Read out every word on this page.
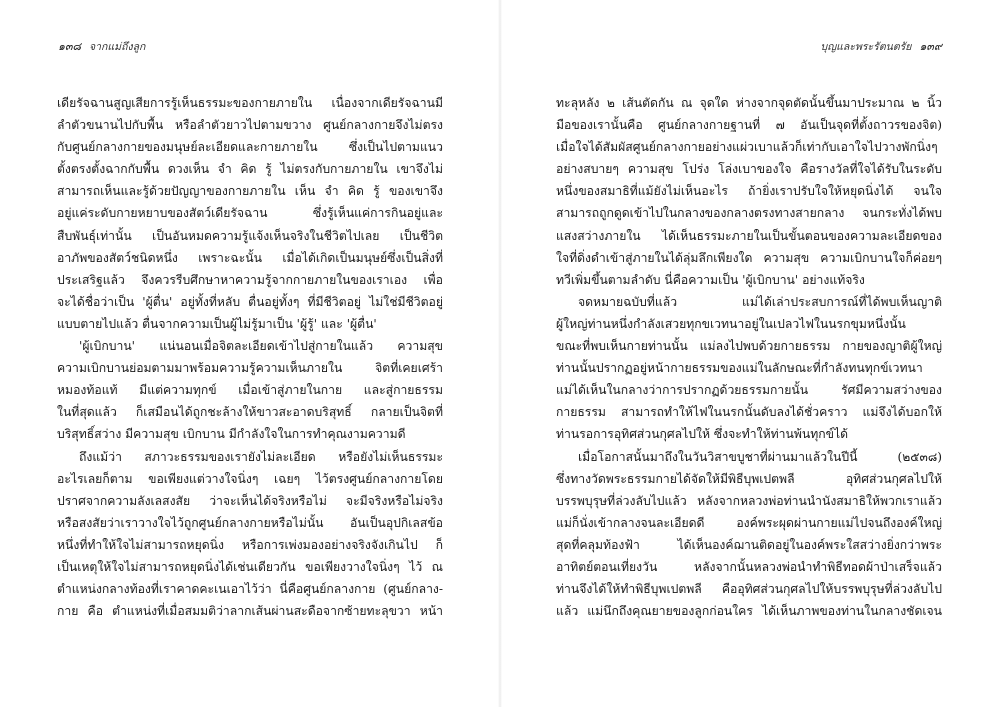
๑๓๘ จากแม่ถึงลูก
เดียรัจฉานสูญเสียการรู้เห็นธรรมะของกายภายใน เนื่องจากเดียรัจฉานมี
ลำตัวขนานไปกับพื้น หรือลำตัวยาวไปตามขวาง ศูนย์กลางกายจึงไม่ตรง
กับศูนย์กลางกายของมนุษย์ละเอียดและกายภายใน ซึ่งเป็นไปตามแนว
ตั้งตรงตั้งฉากกับพื้น ดวงเห็น จำ คิด รู้ ไม่ตรงกับกายภายใน เขาจึงไม่
สามารถเห็นและรู้ด้วยปัญญาของกายภายใน เห็น จำ คิด รู้ ของเขาจึง
อยู่แค่ระดับกายหยาบของสัตว์เดียรัจฉาน ซึ่งรู้เห็นแค่การกินอยู่และ
สืบพันธุ์เท่านั้น เป็นอันหมดความรู้แจ้งเห็นจริงในชีวิตไปเลย เป็นชีวิต
อาภัพของสัตว์ชนิดหนึ่ง เพราะฉะนั้น เมื่อได้เกิดเป็นมนุษย์ซึ่งเป็นสิ่งที่
ประเสริฐแล้ว จึงควรรีบศึกษาหาความรู้จากกายภายในของเราเอง เพื่อ
จะได้ชื่อว่าเป็น 'ผู้ตื่น' อยู่ทั้งที่หลับ ตื่นอยู่ทั้งๆ ที่มีชีวิตอยู่ ไม่ใช่มีชีวิตอยู่
แบบตายไปแล้ว ตื่นจากความเป็นผู้ไม่รู้มาเป็น 'ผู้รู้' และ 'ผู้ตื่น'
'ผู้เบิกบาน' แน่นอนเมื่อจิตละเอียดเข้าไปสู่กายในแล้ว ความสุข
ความเบิกบานย่อมตามมาพร้อมความรู้ความเห็นภายใน จิตที่เคยเศร้า
หมองท้อแท้ มีแต่ความทุกข์ เมื่อเข้าสู่ภายในกาย และสู่กายธรรม
ในที่สุดแล้ว ก็เสมือนได้ถูกชะล้างให้ขาวสะอาดบริสุทธิ์ กลายเป็นจิตที่
บริสุทธิ์สว่าง มีความสุข เบิกบาน มีกำลังใจในการทำคุณงามความดี
ถึงแม้ว่า สภาวะธรรมของเรายังไม่ละเอียด หรือยังไม่เห็นธรรมะ
อะไรเลยก็ตาม ขอเพียงแต่วางใจนิ่งๆ เฉยๆ ไว้ตรงศูนย์กลางกายโดย
ปราศจากความลังเลสงสัย ว่าจะเห็นได้จริงหรือไม่ จะมีจริงหรือไม่จริง
หรือสงสัยว่าเราวางใจไว้ถูกศูนย์กลางกายหรือไม่นั้น อันเป็นอุปกิเลสข้อ
หนึ่งที่ทำให้ใจไม่สามารถหยุดนิ่ง หรือการเพ่งมองอย่างจริงจังเกินไป ก็
เป็นเหตุให้ใจไม่สามารถหยุดนิ่งได้เช่นเดียวกัน ขอเพียงวางใจนิ่งๆ ไว้ ณ
ตำแหน่งกลางท้องที่เราคาดคะเนเอาไว้ว่า นี่คือศูนย์กลางกาย (ศูนย์กลาง-
กาย คือ ตำแหน่งที่เมื่อสมมติว่าลากเส้นผ่านสะดือจากซ้ายทะลุขวา หน้า
บุญและพระรัตนตรัย ๑๓๙
ทะลุหลัง ๒ เส้นตัดกัน ณ จุดใด ห่างจากจุดตัดนั้นขึ้นมาประมาณ ๒ นิ้ว
มือของเรานั้นคือ ศูนย์กลางกายฐานที่ ๗ อันเป็นจุดที่ตั้งถาวรของจิต)
เมื่อใจได้สัมผัสศูนย์กลางกายอย่างแผ่วเบาแล้วก็เท่ากับเอาใจไปวางพักนิ่งๆ
อย่างสบายๆ ความสุข โปร่ง โล่งเบาของใจ คือรางวัลที่ใจได้รับในระดับ
หนึ่งของสมาธิที่แม้ยังไม่เห็นอะไร ถ้ายิ่งเราปรับใจให้หยุดนิ่งได้ จนใจ
สามารถถูกดูดเข้าไปในกลางของกลางตรงทางสายกลาง จนกระทั่งได้พบ
แสงสว่างภายใน ได้เห็นธรรมะภายในเป็นขั้นตอนของความละเอียดของ
ใจที่ดิ่งดำเข้าสู่ภายในได้ลุ่มลึกเพียงใด ความสุข ความเบิกบานใจก็ค่อยๆ
ทวีเพิ่มขึ้นตามลำดับ นี่คือความเป็น 'ผู้เบิกบาน' อย่างแท้จริง
จดหมายฉบับที่แล้ว แม่ได้เล่าประสบการณ์ที่ได้พบเห็นญาติ
ผู้ใหญ่ท่านหนึ่งกำลังเสวยทุกขเวทนาอยู่ในเปลวไฟในนรกขุมหนึ่งนั้น
ขณะที่พบเห็นกายท่านนั้น แม่ลงไปพบด้วยกายธรรม กายของญาติผู้ใหญ่
ท่านนั้นปรากฏอยู่หน้ากายธรรมของแม่ในลักษณะที่กำลังทนทุกข์เวทนา
แม่ได้เห็นในกลางว่าการปรากฏด้วยธรรมกายนั้น รัศมีความสว่างของ
กายธรรม สามารถทำให้ไฟในนรกนั้นดับลงได้ชั่วคราว แม่จึงได้บอกให้
ท่านรอการอุทิศส่วนกุศลไปให้ ซึ่งจะทำให้ท่านพ้นทุกข์ได้
เมื่อโอกาสนั้นมาถึงในวันวิสาขบูชาที่ผ่านมาแล้วในปีนี้ (๒๕๓๘)
ซึ่งทางวัดพระธรรมกายได้จัดให้มีพิธีบุพเปตพลี อุทิศส่วนกุศลไปให้
บรรพบุรุษที่ล่วงลับไปแล้ว หลังจากหลวงพ่อท่านนำนังสมาธิให้พวกเราแล้ว
แม่ก็นั่งเข้ากลางจนละเอียดดี องค์พระผุดผ่านกายแม่ไปจนถึงองค์ใหญ่
สุดที่คลุมท้องฟ้า ได้เห็นองค์ฌานติดอยู่ในองค์พระใสสว่างยิ่งกว่าพระ
อาทิตย์ตอนเที่ยงวัน หลังจากนั้นหลวงพ่อนำทำพิธีทอดผ้าป่าเสร็จแล้ว
ท่านจึงได้ให้ทำพิธีบุพเปตพลี คืออุทิศส่วนกุศลไปให้บรรพบุรุษที่ล่วงลับไป
แล้ว แม่นึกถึงคุณยายของลูกก่อนใคร ได้เห็นภาพของท่านในกลางชัดเจน
